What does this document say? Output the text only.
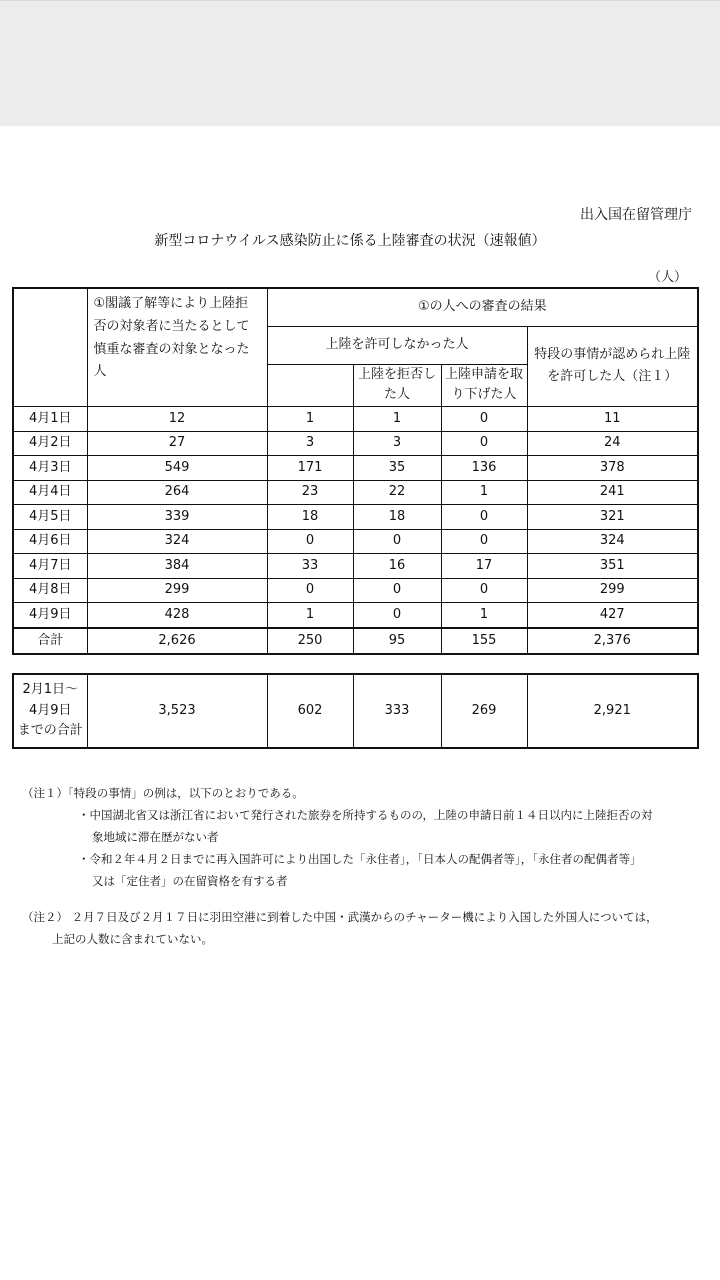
出入国在留管理庁
新型コロナウイルス感染防止に係る上陸審査の状況（速報値）
（人）
	①閣議了解等により上陸拒否の対象者に当たるとして慎重な審査の対象となった人	①の人への審査の結果			
		上陸を許可しなかった人			特段の事情が認められ上陸を許可した人（注１）
			上陸を拒否した人	上陸申請を取り下げた人	
4月1日	12	1	1	0	11
4月2日	27	3	3	0	24
4月3日	549	171	35	136	378
4月4日	264	23	22	1	241
4月5日	339	18	18	0	321
4月6日	324	0	0	0	324
4月7日	384	33	16	17	351
4月8日	299	0	0	0	299
4月9日	428	1	0	1	427
合計	2,626	250	95	155	2,376
2月1日～
4月9日
までの合計
	3,523	602	333	269	2,921
（注１）「特段の事情」の例は，以下のとおりである。
・中国湖北省又は浙江省において発行された旅券を所持するものの，上陸の申請日前１４日以内に上陸拒否の対
象地域に滞在歴がない者
・令和２年４月２日までに再入国許可により出国した「永住者」，「日本人の配偶者等」，「永住者の配偶者等」
又は「定住者」の在留資格を有する者
（注２） ２月７日及び２月１７日に羽田空港に到着した中国・武漢からのチャーター機により入国した外国人については，
上記の人数に含まれていない。
